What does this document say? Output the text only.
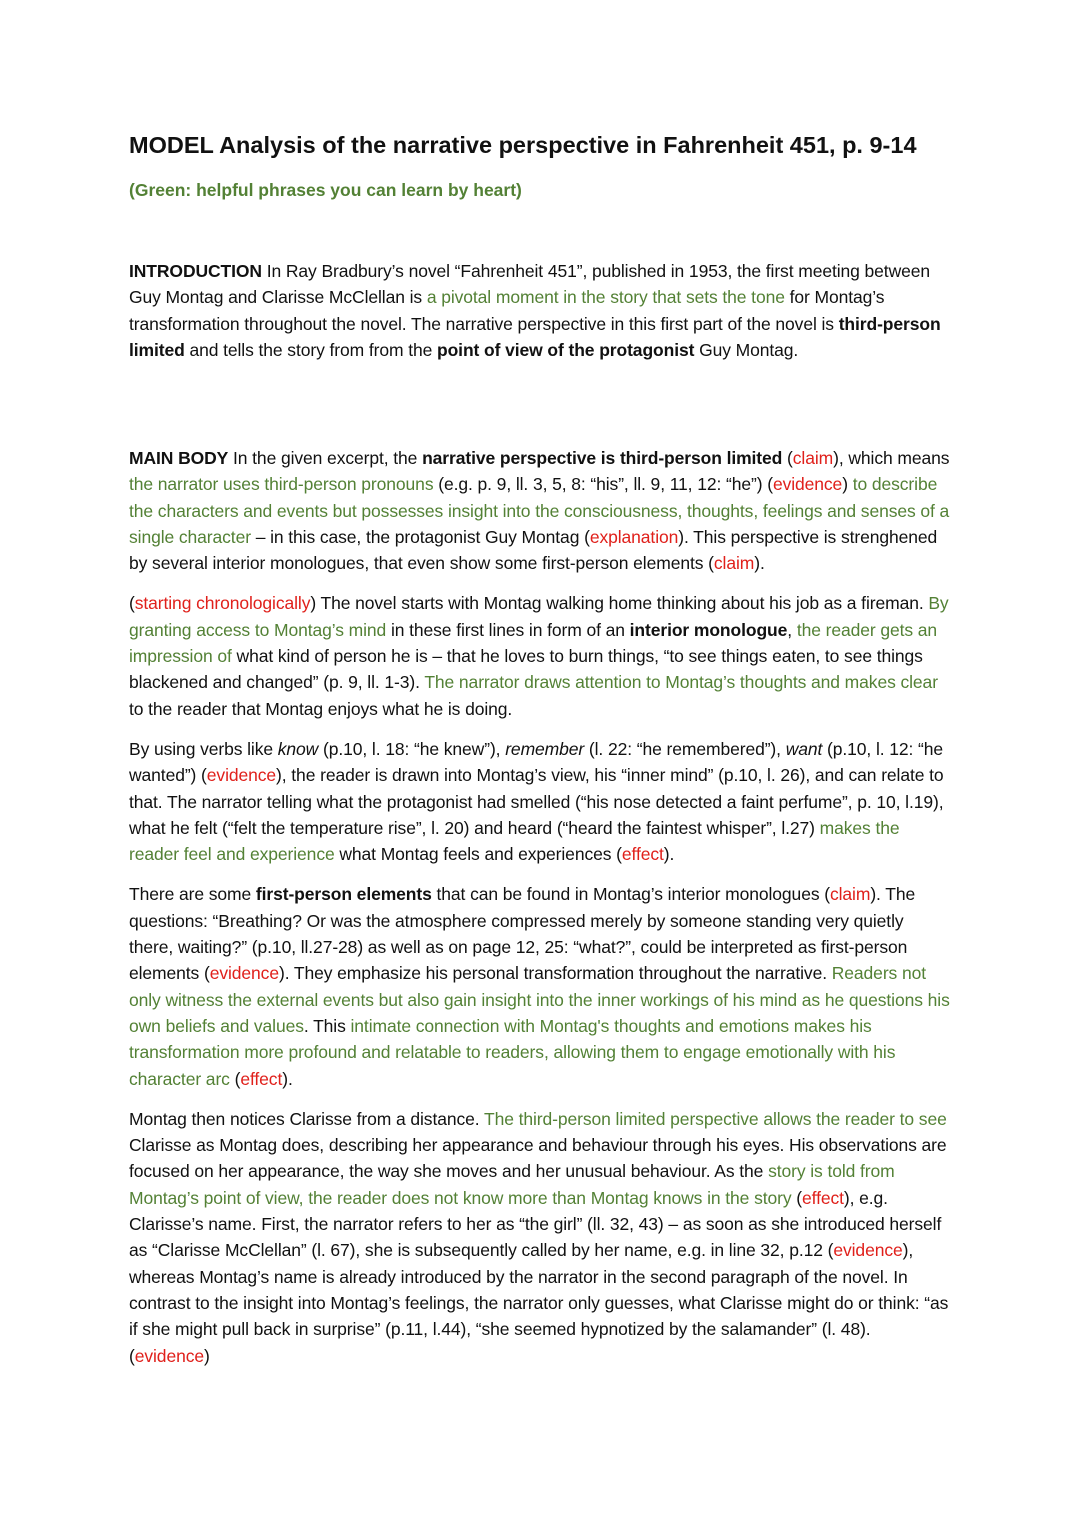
MODEL Analysis of the narrative perspective in Fahrenheit 451, p. 9-14

(Green: helpful phrases you can learn by heart)

INTRODUCTION In Ray Bradbury’s novel “Fahrenheit 451”, published in 1953, the first meeting between Guy Montag and Clarisse McClellan is a pivotal moment in the story that sets the tone for Montag’s transformation throughout the novel. The narrative perspective in this first part of the novel is third-person limited and tells the story from from the point of view of the protagonist Guy Montag.

MAIN BODY In the given excerpt, the narrative perspective is third-person limited (claim), which means the narrator uses third-person pronouns (e.g. p. 9, ll. 3, 5, 8: “his”, ll. 9, 11, 12: “he”) (evidence) to describe the characters and events but possesses insight into the consciousness, thoughts, feelings and senses of a single character – in this case, the protagonist Guy Montag (explanation). This perspective is strenghened by several interior monologues, that even show some first-person elements (claim).

(starting chronologically) The novel starts with Montag walking home thinking about his job as a fireman. By granting access to Montag’s mind in these first lines in form of an interior monologue, the reader gets an impression of what kind of person he is – that he loves to burn things, “to see things eaten, to see things blackened and changed” (p. 9, ll. 1-3). The narrator draws attention to Montag’s thoughts and makes clear to the reader that Montag enjoys what he is doing.

By using verbs like know (p.10, l. 18: “he knew”), remember (l. 22: “he remembered”), want (p.10, l. 12: “he wanted”) (evidence), the reader is drawn into Montag’s view, his “inner mind” (p.10, l. 26), and can relate to that. The narrator telling what the protagonist had smelled (“his nose detected a faint perfume”, p. 10, l.19), what he felt (“felt the temperature rise”, l. 20) and heard (“heard the faintest whisper”, l.27) makes the reader feel and experience what Montag feels and experiences (effect).

There are some first-person elements that can be found in Montag’s interior monologues (claim). The questions: “Breathing? Or was the atmosphere compressed merely by someone standing very quietly there, waiting?” (p.10, ll.27-28) as well as on page 12, 25: “what?”, could be interpreted as first-person elements (evidence). They emphasize his personal transformation throughout the narrative. Readers not only witness the external events but also gain insight into the inner workings of his mind as he questions his own beliefs and values. This intimate connection with Montag's thoughts and emotions makes his transformation more profound and relatable to readers, allowing them to engage emotionally with his character arc (effect).

Montag then notices Clarisse from a distance. The third-person limited perspective allows the reader to see Clarisse as Montag does, describing her appearance and behaviour through his eyes. His observations are focused on her appearance, the way she moves and her unusual behaviour. As the story is told from Montag’s point of view, the reader does not know more than Montag knows in the story (effect), e.g. Clarisse’s name. First, the narrator refers to her as “the girl” (ll. 32, 43) – as soon as she introduced herself as “Clarisse McClellan” (l. 67), she is subsequently called by her name, e.g. in line 32, p.12 (evidence), whereas Montag’s name is already introduced by the narrator in the second paragraph of the novel. In contrast to the insight into Montag’s feelings, the narrator only guesses, what Clarisse might do or think: “as if she might pull back in surprise” (p.11, l.44), “she seemed hypnotized by the salamander” (l. 48). (evidence)
